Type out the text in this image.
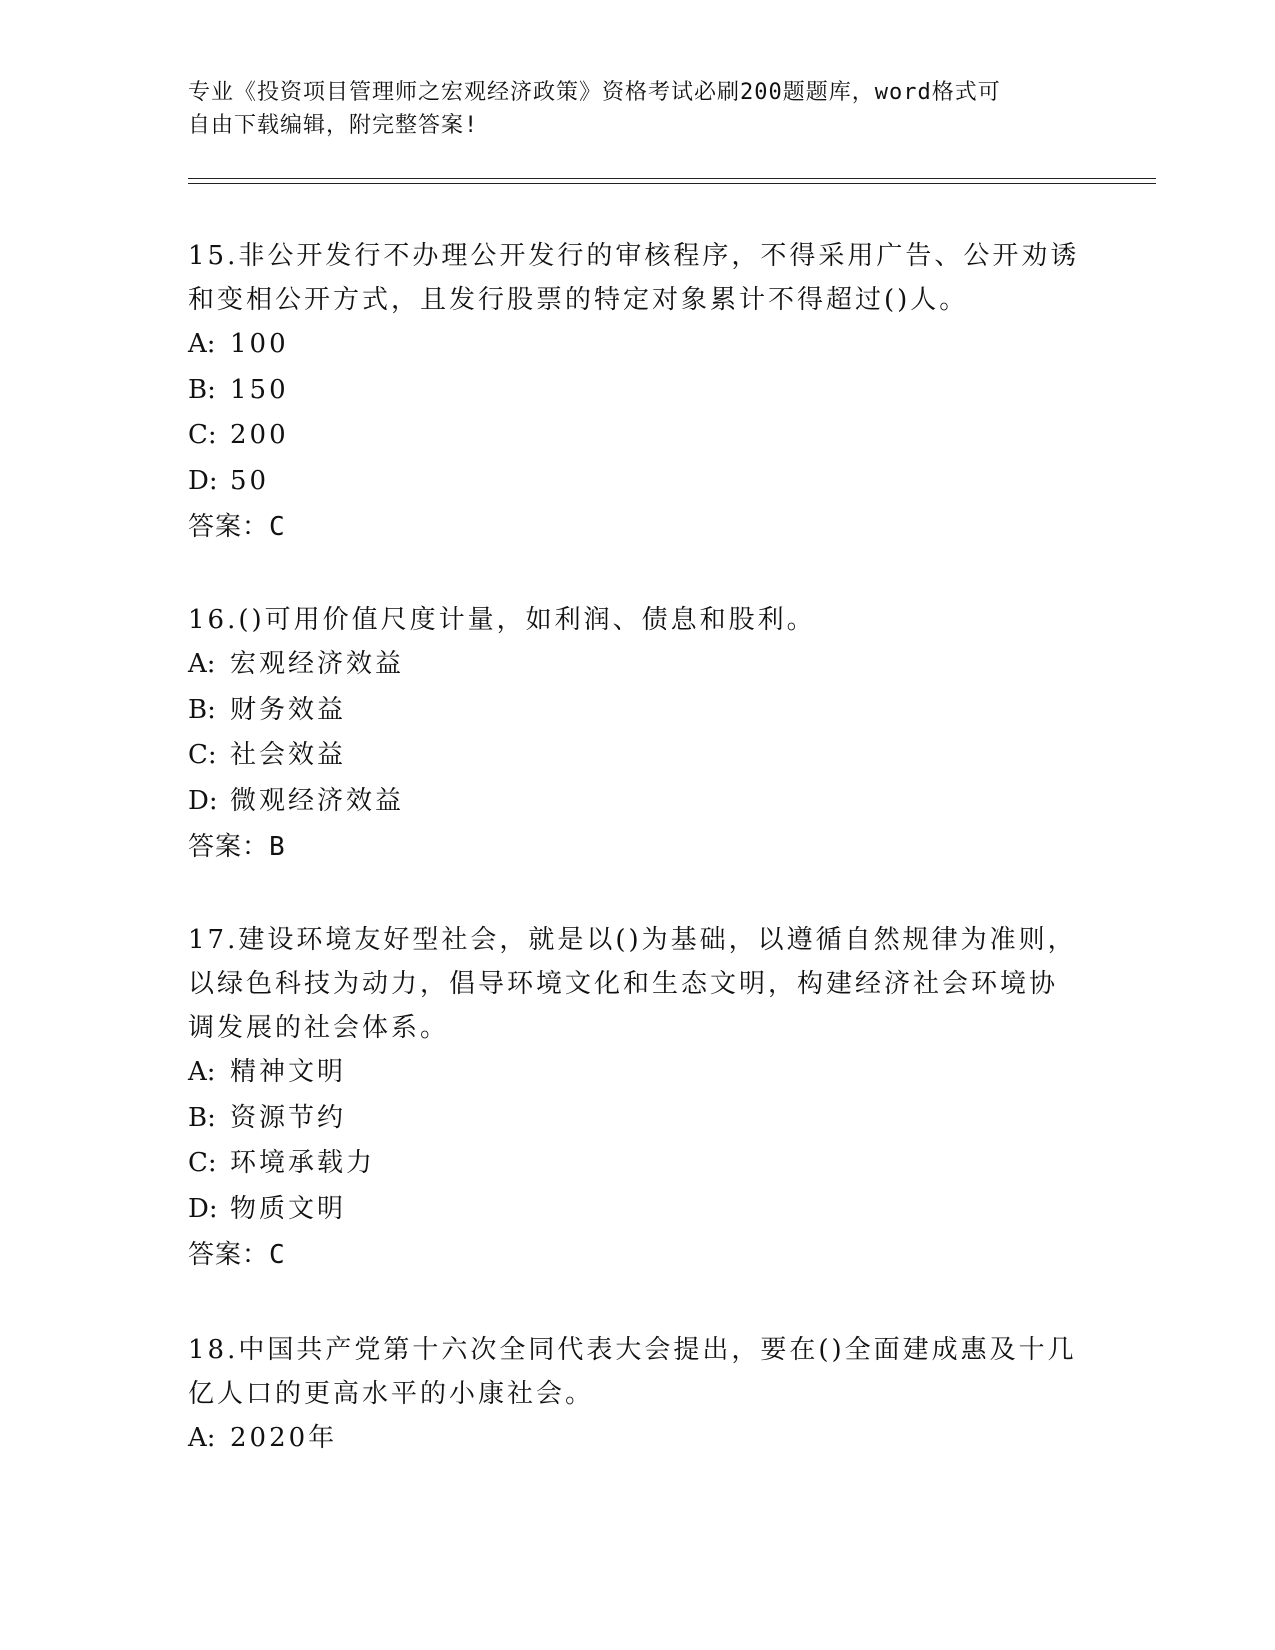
专业《投资项目管理师之宏观经济政策》资格考试必刷200题题库，word格式可
自由下载编辑，附完整答案!
15.非公开发行不办理公开发行的审核程序，不得采用广告、公开劝诱
和变相公开方式，且发行股票的特定对象累计不得超过()人。
A: 100
B: 150
C: 200
D: 50
答案：C
16.()可用价值尺度计量，如利润、债息和股利。
A: 宏观经济效益
B: 财务效益
C: 社会效益
D: 微观经济效益
答案：B
17.建设环境友好型社会，就是以()为基础，以遵循自然规律为准则，
以绿色科技为动力，倡导环境文化和生态文明，构建经济社会环境协
调发展的社会体系。
A: 精神文明
B: 资源节约
C: 环境承载力
D: 物质文明
答案：C
18.中国共产党第十六次全同代表大会提出，要在()全面建成惠及十几
亿人口的更高水平的小康社会。
A: 2020年
